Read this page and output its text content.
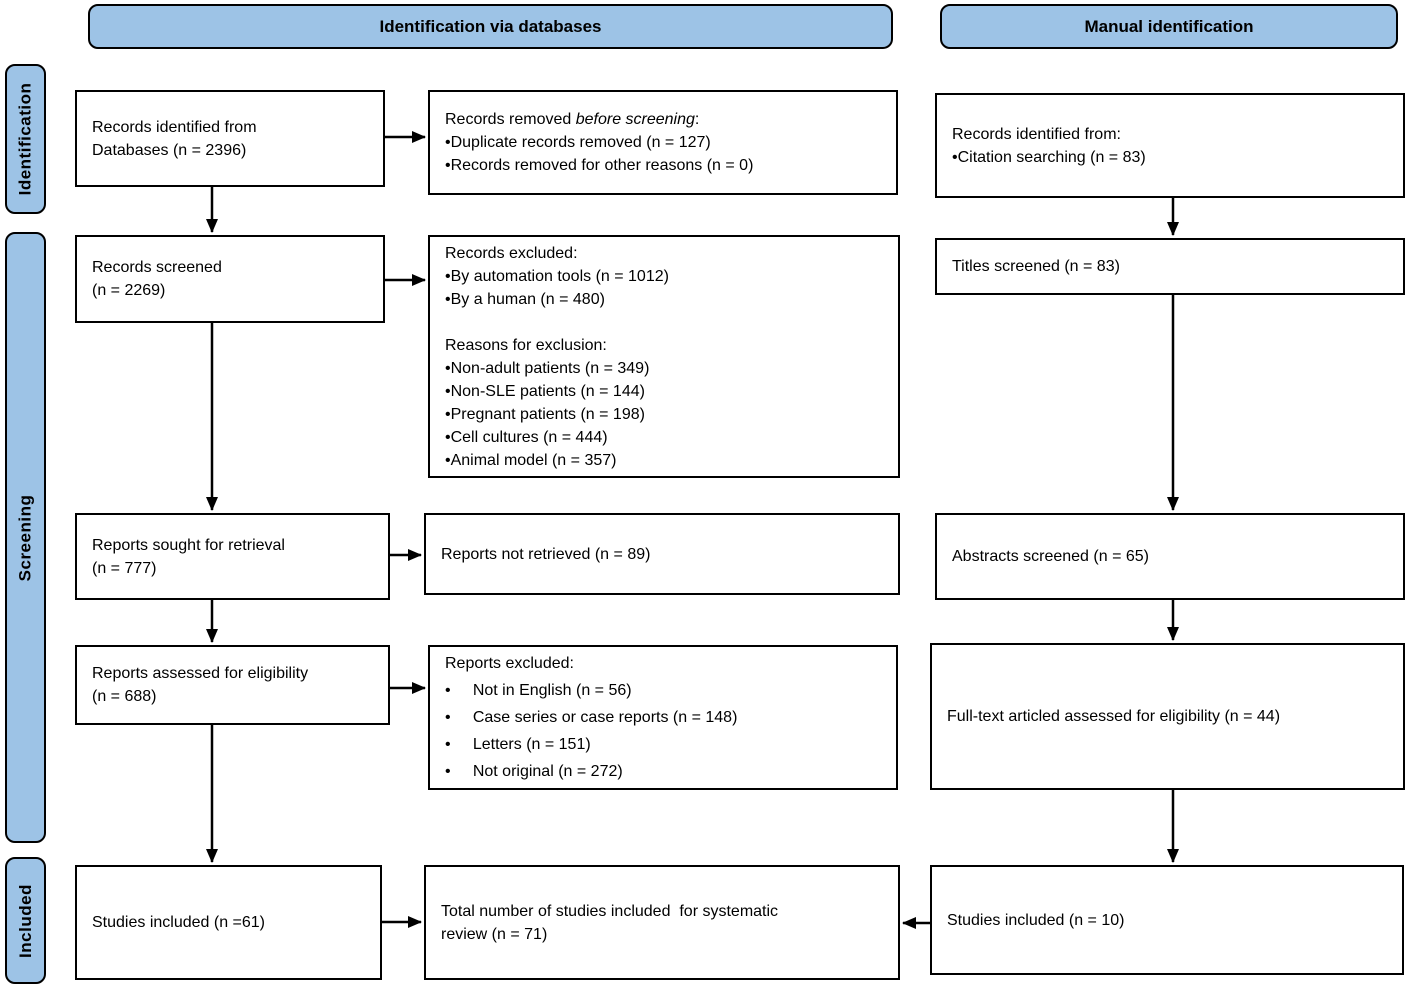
Identification via databases	Manual identification
Identification
Screening
Included
Records identified from
Databases (n = 2396)
Records screened
(n = 2269)
Reports sought for retrieval
(n = 777)
Reports assessed for eligibility
(n = 688)
Studies included (n =61)
Records removed before screening:
•Duplicate records removed (n = 127)
•Records removed for other reasons (n = 0)
Records excluded:
•By automation tools (n = 1012)
•By a human (n = 480)
Reasons for exclusion:
•Non-adult patients (n = 349)
•Non-SLE patients (n = 144)
•Pregnant patients (n = 198)
•Cell cultures (n = 444)
•Animal model (n = 357)
Reports not retrieved (n = 89)
Reports excluded:
•     Not in English (n = 56)
•     Case series or case reports (n = 148)
•     Letters (n = 151)
•     Not original (n = 272)
Total number of studies included  for systematic
review (n = 71)
Records identified from:
•Citation searching (n = 83)
Titles screened (n = 83)
Abstracts screened (n = 65)
Full-text articled assessed for eligibility (n = 44)
Studies included (n = 10)
